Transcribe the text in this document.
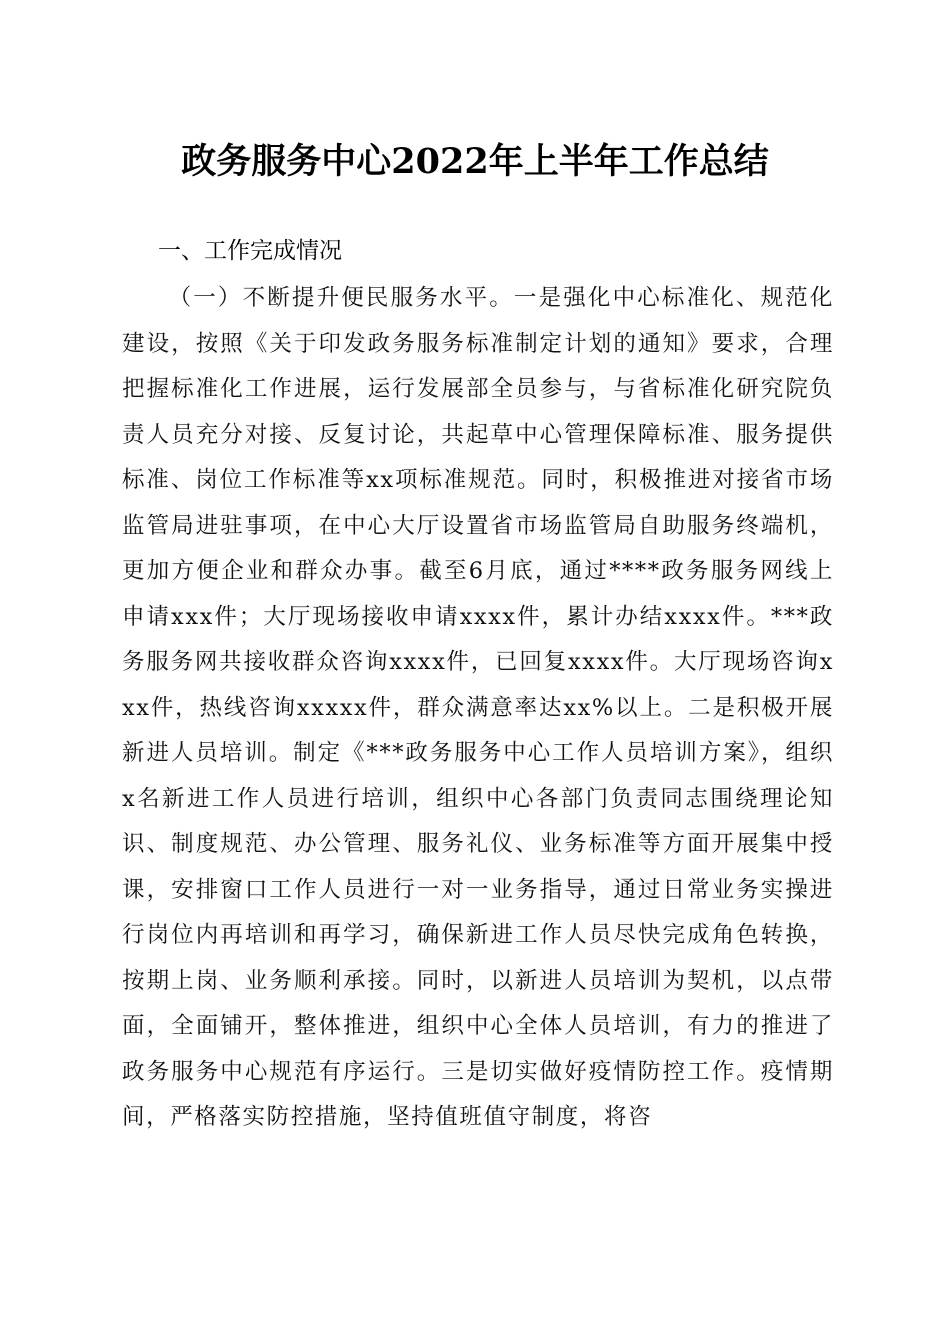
政务服务中心2022年上半年工作总结
一、工作完成情况
（一）不断提升便民服务水平。一是强化中心标准化、规范化建设，按照《关于印发政务服务标准制定计划的通知》要求，合理把握标准化工作进展，运行发展部全员参与，与省标准化研究院负责人员充分对接、反复讨论，共起草中心管理保障标准、服务提供标准、岗位工作标准等xx项标准规范。同时，积极推进对接省市场监管局进驻事项，在中心大厅设置省市场监管局自助服务终端机，更加方便企业和群众办事。截至6月底，通过****政务服务网线上申请xxx件；大厅现场接收申请xxxx件，累计办结xxxx件。***政务服务网共接收群众咨询xxxx件，已回复xxxx件。大厅现场咨询xxx件，热线咨询xxxxx件，群众满意率达xx%以上。二是积极开展新进人员培训。制定《***政务服务中心工作人员培训方案》，组织x名新进工作人员进行培训，组织中心各部门负责同志围绕理论知识、制度规范、办公管理、服务礼仪、业务标准等方面开展集中授课，安排窗口工作人员进行一对一业务指导，通过日常业务实操进行岗位内再培训和再学习，确保新进工作人员尽快完成角色转换，按期上岗、业务顺利承接。同时，以新进人员培训为契机，以点带面，全面铺开，整体推进，组织中心全体人员培训，有力的推进了政务服务中心规范有序运行。三是切实做好疫情防控工作。疫情期间，严格落实防控措施，坚持值班值守制度，将咨
